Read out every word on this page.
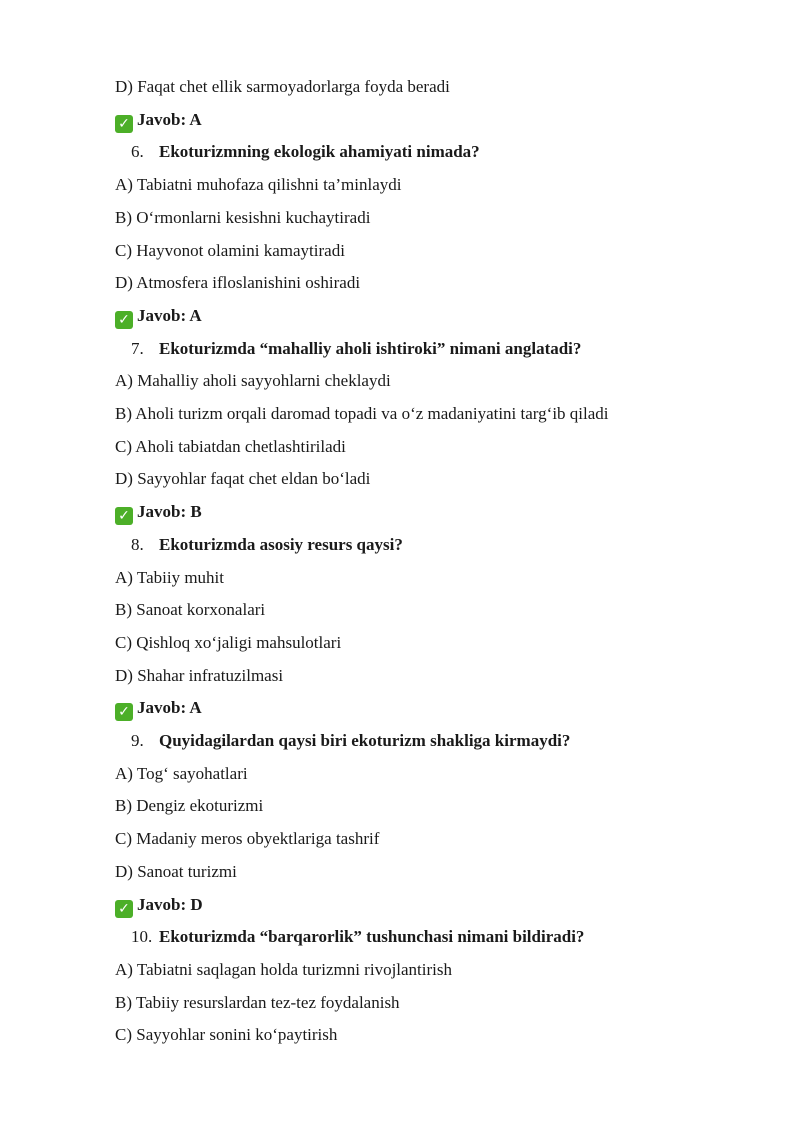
D) Faqat chet ellik sarmoyadorlarga foyda beradi
✓ Javob: A
6. Ekoturizmning ekologik ahamiyati nimada?
A) Tabiatni muhofaza qilishni ta’minlaydi
B) O‘rmonlarni kesishni kuchaytiradi
C) Hayvonot olamini kamaytiradi
D) Atmosfera ifloslanishini oshiradi
✓ Javob: A
7. Ekoturizmda “mahalliy aholi ishtiroki” nimani anglatadi?
A) Mahalliy aholi sayyohlarni cheklaydi
B) Aholi turizm orqali daromad topadi va o‘z madaniyatini targ‘ib qiladi
C) Aholi tabiatdan chetlashtiriladi
D) Sayyohlar faqat chet eldan bo‘ladi
✓ Javob: B
8. Ekoturizmda asosiy resurs qaysi?
A) Tabiiy muhit
B) Sanoat korxonalari
C) Qishloq xo‘jaligi mahsulotlari
D) Shahar infratuzilmasi
✓ Javob: A
9. Quyidagilardan qaysi biri ekoturizm shakliga kirmaydi?
A) Tog‘ sayohatlari
B) Dengiz ekoturizmi
C) Madaniy meros obyektlariga tashrif
D) Sanoat turizmi
✓ Javob: D
10. Ekoturizmda “barqarorlik” tushunchasi nimani bildiradi?
A) Tabiatni saqlagan holda turizmni rivojlantirish
B) Tabiiy resurslardan tez-tez foydalanish
C) Sayyohlar sonini ko‘paytirish
